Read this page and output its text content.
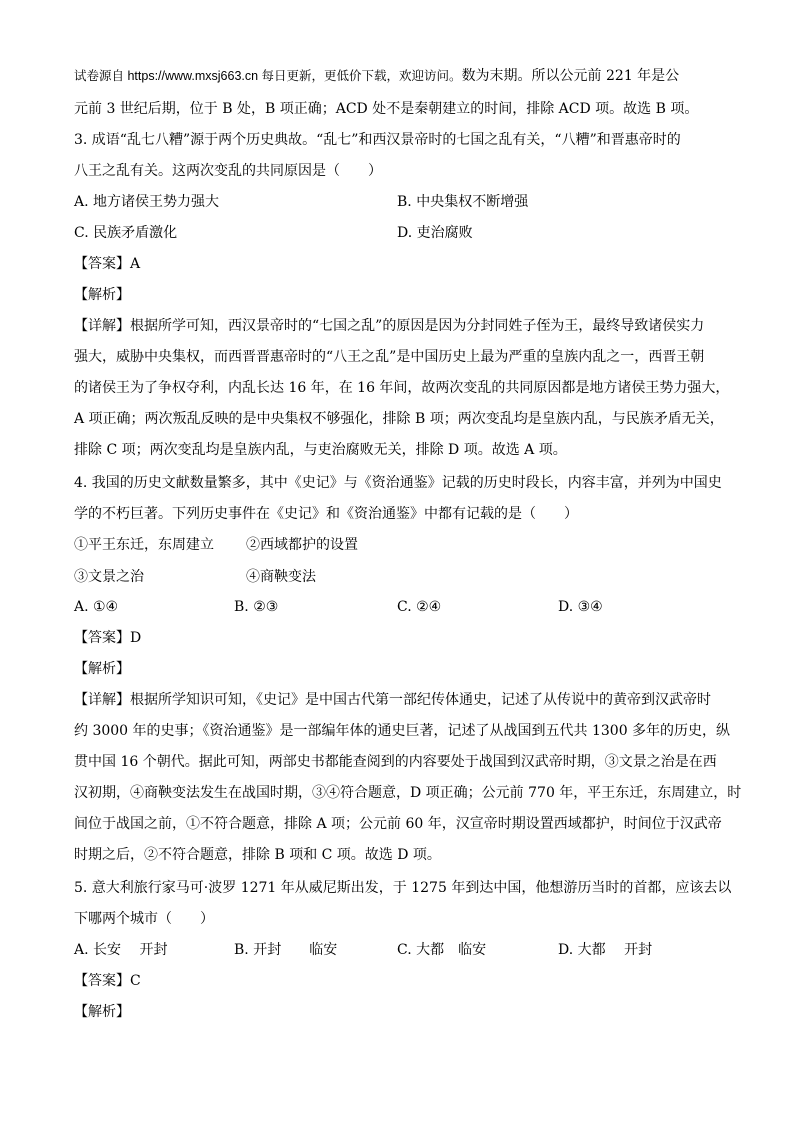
试卷源自 https://www.mxsj663.cn 每日更新，更低价下载，欢迎访问。数为末期。所以公元前 221 年是公
元前 3 世纪后期，位于 B 处，B 项正确；ACD 处不是秦朝建立的时间，排除 ACD 项。故选 B 项。
3. 成语“乱七八糟”源于两个历史典故。“乱七”和西汉景帝时的七国之乱有关，“八糟”和晋惠帝时的
八王之乱有关。这两次变乱的共同原因是（　　）
A. 地方诸侯王势力强大	B. 中央集权不断增强
C. 民族矛盾激化	D. 吏治腐败
【答案】A
【解析】
【详解】根据所学可知，西汉景帝时的“七国之乱”的原因是因为分封同姓子侄为王，最终导致诸侯实力
强大，威胁中央集权，而西晋晋惠帝时的“八王之乱”是中国历史上最为严重的皇族内乱之一，西晋王朝
的诸侯王为了争权夺利，内乱长达 16 年，在 16 年间，故两次变乱的共同原因都是地方诸侯王势力强大，
A 项正确；两次叛乱反映的是中央集权不够强化，排除 B 项；两次变乱均是皇族内乱，与民族矛盾无关，
排除 C 项；两次变乱均是皇族内乱，与吏治腐败无关，排除 D 项。故选 A 项。
4. 我国的历史文献数量繁多，其中《史记》与《资治通鉴》记载的历史时段长，内容丰富，并列为中国史
学的不朽巨著。下列历史事件在《史记》和《资治通鉴》中都有记载的是（　　）
①平王东迁，东周建立 ②西域都护的设置
③文景之治	④商鞅变法
A. ①④	B. ②③	C. ②④	D. ③④
【答案】D
【解析】
【详解】根据所学知识可知，《史记》是中国古代第一部纪传体通史，记述了从传说中的黄帝到汉武帝时
约 3000 年的史事；《资治通鉴》是一部编年体的通史巨著，记述了从战国到五代共 1300 多年的历史，纵
贯中国 16 个朝代。据此可知，两部史书都能查阅到的内容要处于战国到汉武帝时期，③文景之治是在西
汉初期，④商鞅变法发生在战国时期，③④符合题意，D 项正确；公元前 770 年，平王东迁，东周建立，时
间位于战国之前，①不符合题意，排除 A 项；公元前 60 年，汉宣帝时期设置西域都护，时间位于汉武帝
时期之后，②不符合题意，排除 B 项和 C 项。故选 D 项。
5. 意大利旅行家马可·波罗 1271 年从威尼斯出发，于 1275 年到达中国，他想游历当时的首都，应该去以
下哪两个城市（　　）
A. 长安　 开封	B. 开封　　临安	C. 大都　临安	D. 大都　 开封
【答案】C
【解析】
